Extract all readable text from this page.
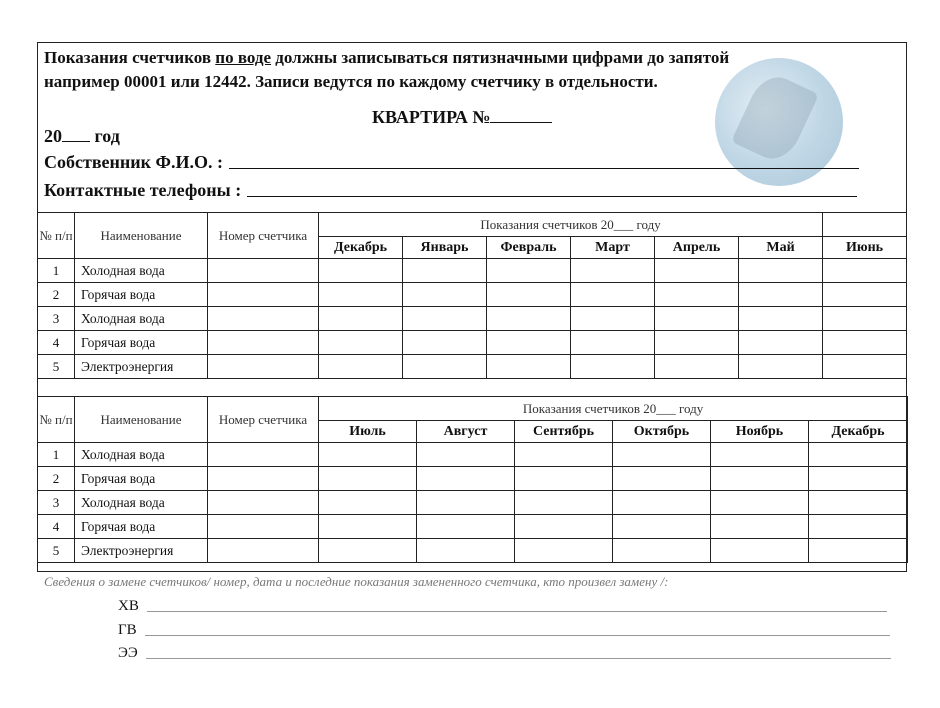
Показания счетчиков по воде должны записываться пятизначными цифрами до запятой
например 00001 или 12442. Записи ведутся по каждому счетчику в отдельности.
КВАРТИРА №
20 год
Собственник Ф.И.О. :
Контактные телефоны :
№ п/п	Наименование	Номер счетчика	Показания счетчиков 20___ году						
			Декабрь	Январь	Февраль	Март	Апрель	Май	Июнь
1	Холодная вода								
2	Горячая вода								
3	Холодная вода								
4	Горячая вода								
5	Электроэнергия								
№ п/п	Наименование	Номер счетчика	Показания счетчиков 20___ году					
			Июль	Август	Сентябрь	Октябрь	Ноябрь	Декабрь
1	Холодная вода							
2	Горячая вода							
3	Холодная вода							
4	Горячая вода							
5	Электроэнергия							
Сведения о замене счетчиков/ номер, дата и последние показания замененного счетчика, кто произвел замену /:
ХВ
ГВ
ЭЭ
